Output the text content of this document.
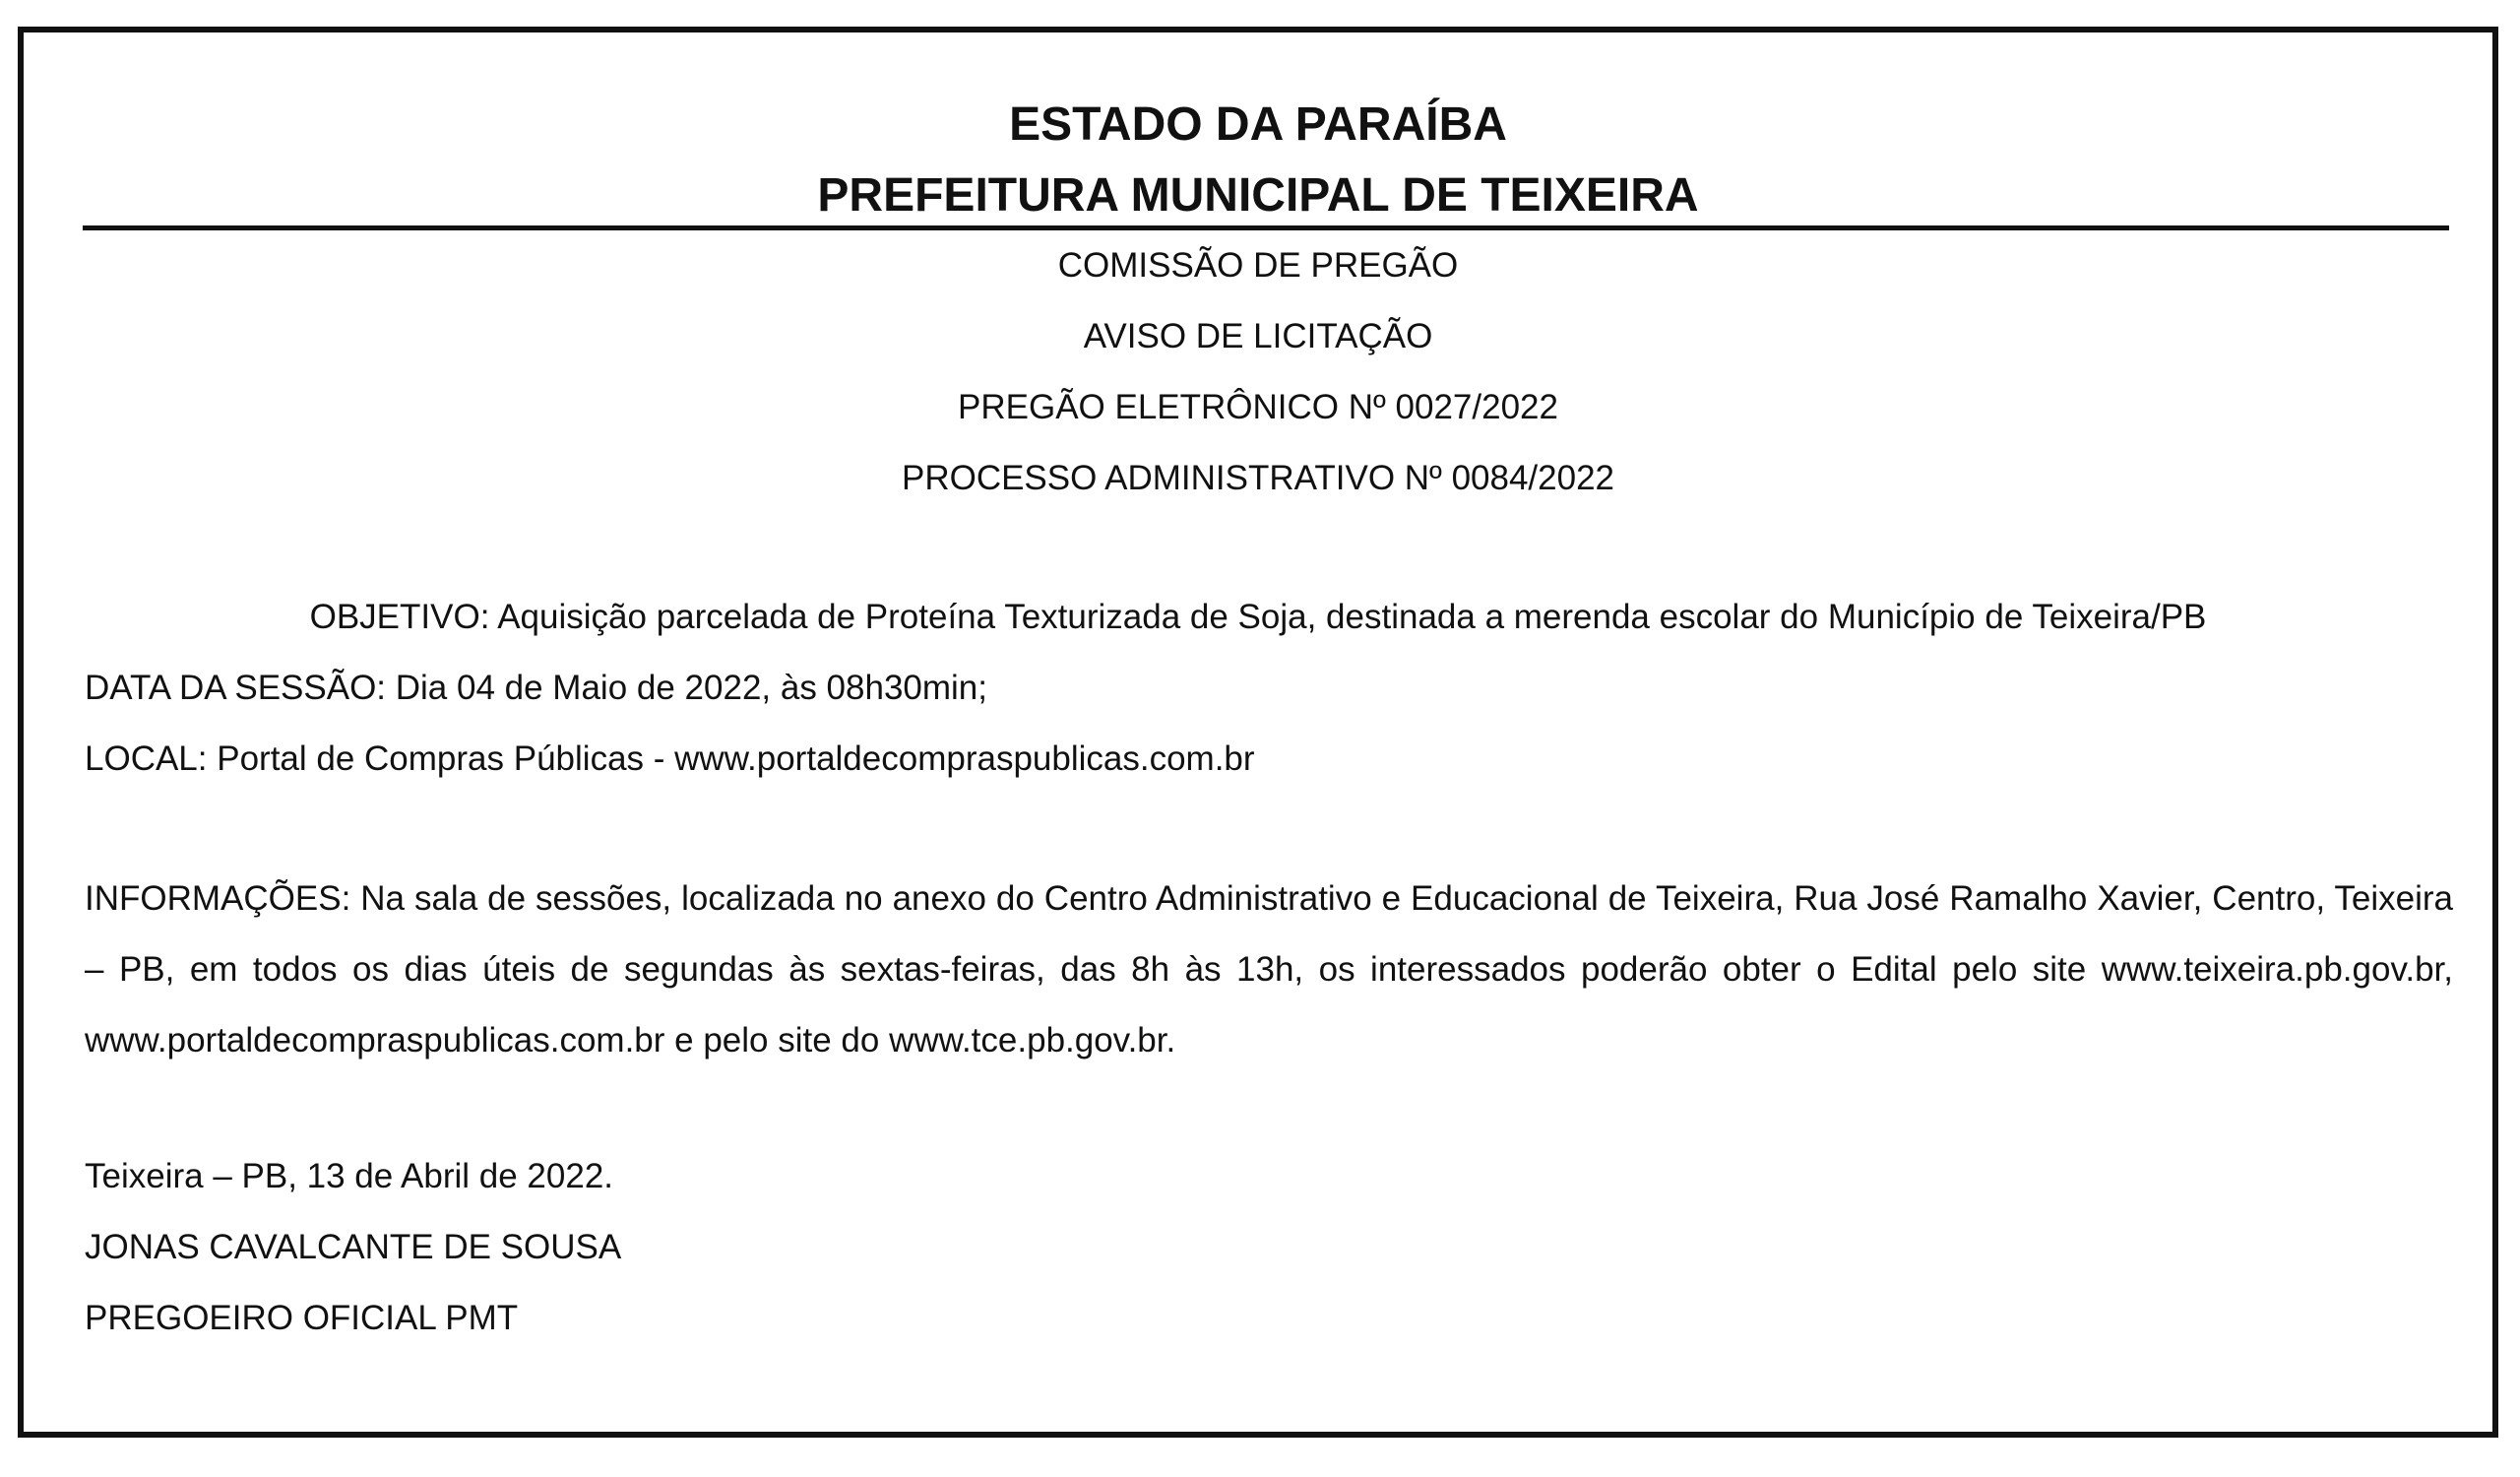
ESTADO DA PARAÍBA

PREFEITURA MUNICIPAL DE TEIXEIRA

COMISSÃO DE PREGÃO
AVISO DE LICITAÇÃO
PREGÃO ELETRÔNICO Nº 0027/2022
PROCESSO ADMINISTRATIVO Nº 0084/2022
OBJETIVO: Aquisição parcelada de Proteína Texturizada de Soja, destinada a merenda escolar do Município de Teixeira/PB
DATA DA SESSÃO: Dia 04 de Maio de 2022, às 08h30min;
LOCAL: Portal de Compras Públicas - www.portaldecompraspublicas.com.br
INFORMAÇÕES: Na sala de sessões, localizada no anexo do Centro Administrativo e Educacional de Teixeira, Rua José Ramalho Xavier, Centro, Teixeira – PB, em todos os dias úteis de segundas às sextas-feiras, das 8h às 13h, os interessados poderão obter o Edital pelo site www.teixeira.pb.gov.br, www.portaldecompraspublicas.com.br e pelo site do www.tce.pb.gov.br.
Teixeira – PB, 13 de Abril de 2022.
JONAS CAVALCANTE DE SOUSA
PREGOEIRO OFICIAL PMT
